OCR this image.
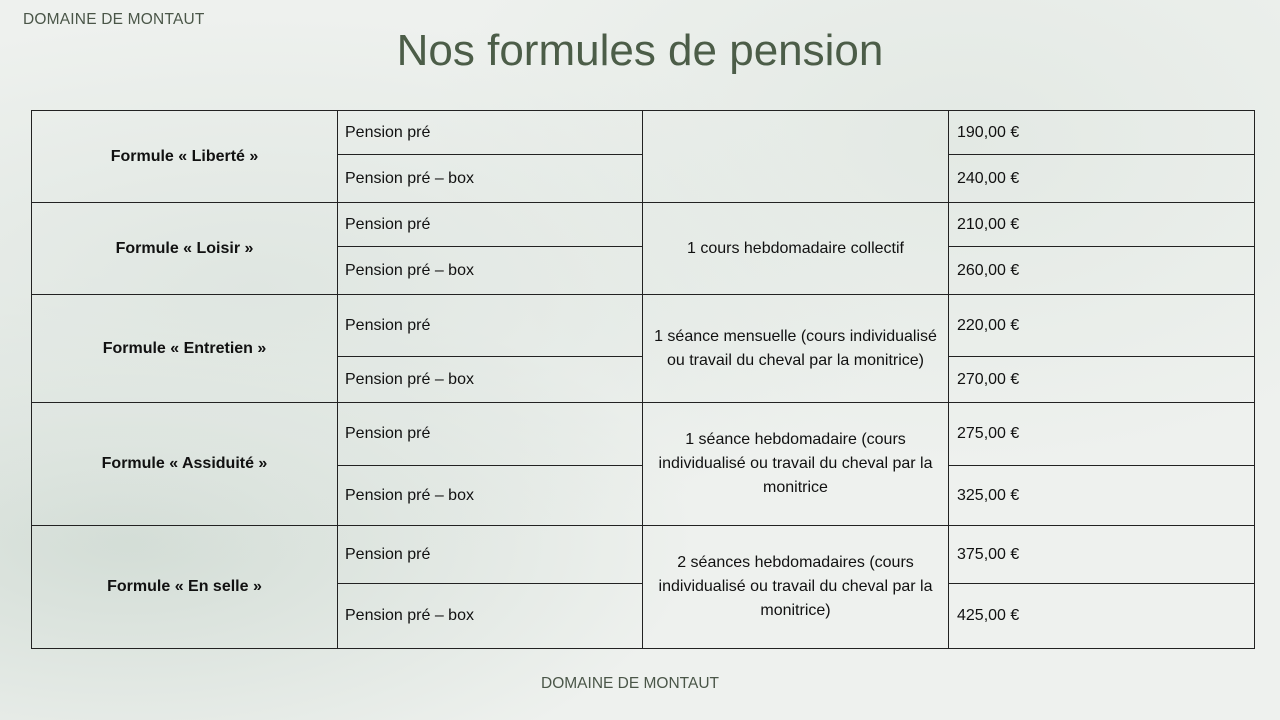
DOMAINE DE MONTAUT
Nos formules de pension
Formule « Liberté »	Pension pré		190,00 €
	Pension pré – box		240,00 €
Formule « Loisir »	Pension pré	1 cours hebdomadaire collectif	210,00 €
	Pension pré – box		260,00 €
Formule « Entretien »	Pension pré	1 séance mensuelle (cours individualisé ou travail du cheval par la monitrice)	220,00 €
	Pension pré – box		270,00 €
Formule « Assiduité »	Pension pré	1 séance hebdomadaire (cours individualisé ou travail du cheval par la monitrice	275,00 €
	Pension pré – box		325,00 €
Formule « En selle »	Pension pré	2 séances hebdomadaires (cours individualisé ou travail du cheval par la monitrice)	375,00 €
	Pension pré – box		425,00 €
DOMAINE DE MONTAUT
